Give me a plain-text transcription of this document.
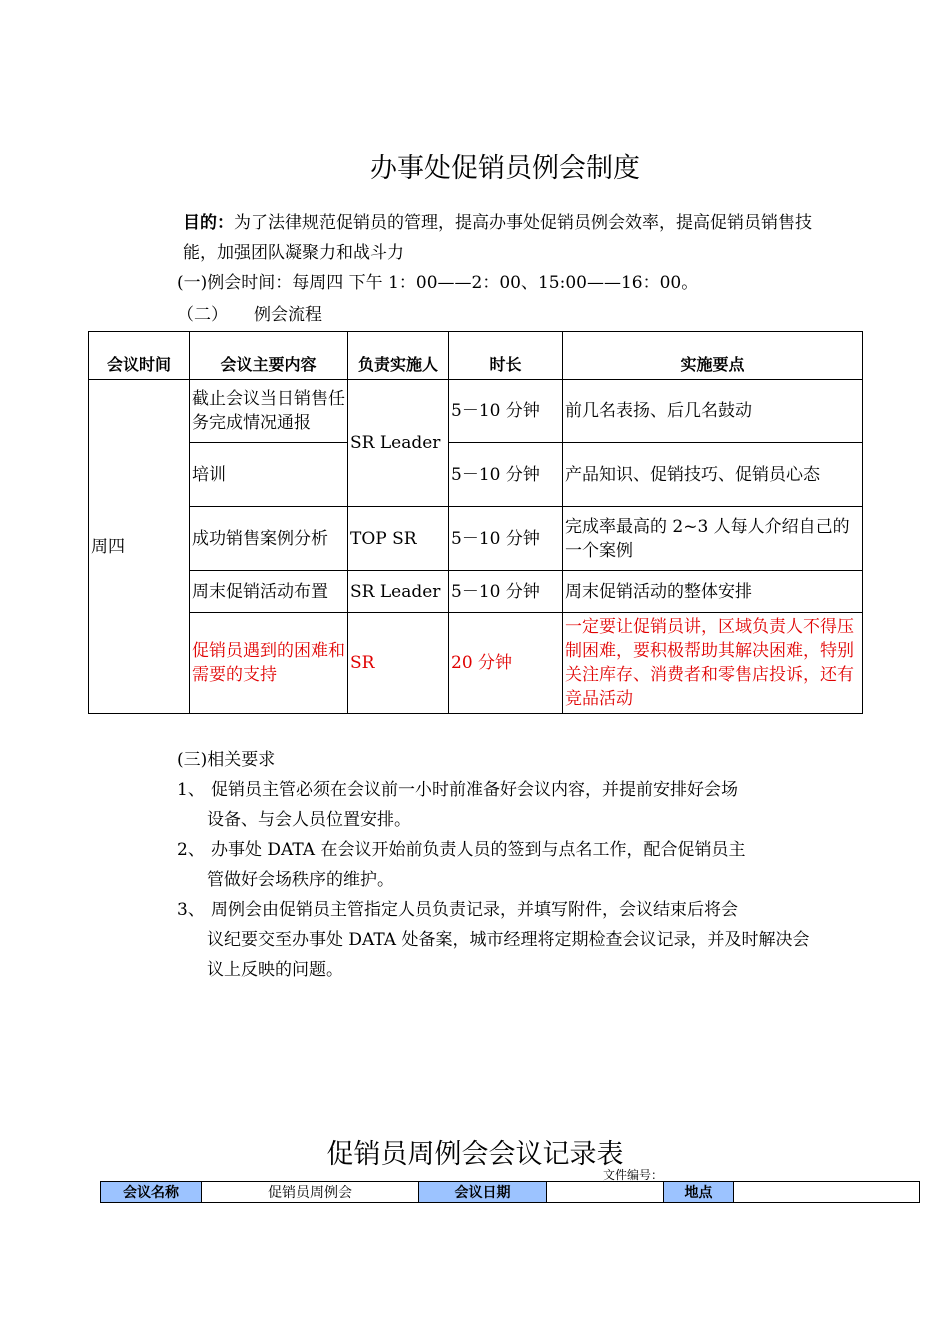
办事处促销员例会制度
目的：为了法律规范促销员的管理，提高办事处促销员例会效率，提高促销员销售技能，加强团队凝聚力和战斗力
(一)例会时间：每周四 下午 1：00——2：00、15:00——16：00。
（二） 例会流程
会议时间	会议主要内容	负责实施人	时长	实施要点
周四	截止会议当日销售任务完成情况通报	SR Leader	5－10 分钟	前几名表扬、后几名鼓动
	培训		5－10 分钟	产品知识、促销技巧、促销员心态
	成功销售案例分析	TOP SR	5－10 分钟	完成率最高的 2~3 人每人介绍自己的一个案例
	周末促销活动布置	SR Leader	5－10 分钟	周末促销活动的整体安排
	促销员遇到的困难和需要的支持	SR	20 分钟	一定要让促销员讲，区域负责人不得压制困难，要积极帮助其解决困难，特别关注库存、消费者和零售店投诉，还有竞品活动
(三)相关要求
1、 促销员主管必须在会议前一小时前准备好会议内容，并提前安排好会场
设备、与会人员位置安排。
2、 办事处 DATA 在会议开始前负责人员的签到与点名工作，配合促销员主
管做好会场秩序的维护。
3、 周例会由促销员主管指定人员负责记录，并填写附件，会议结束后将会
议纪要交至办事处 DATA 处备案，城市经理将定期检查会议记录，并及时解决会议上反映的问题。
促销员周例会会议记录表
文件编号：
会议名称	促销员周例会	会议日期		地点	
